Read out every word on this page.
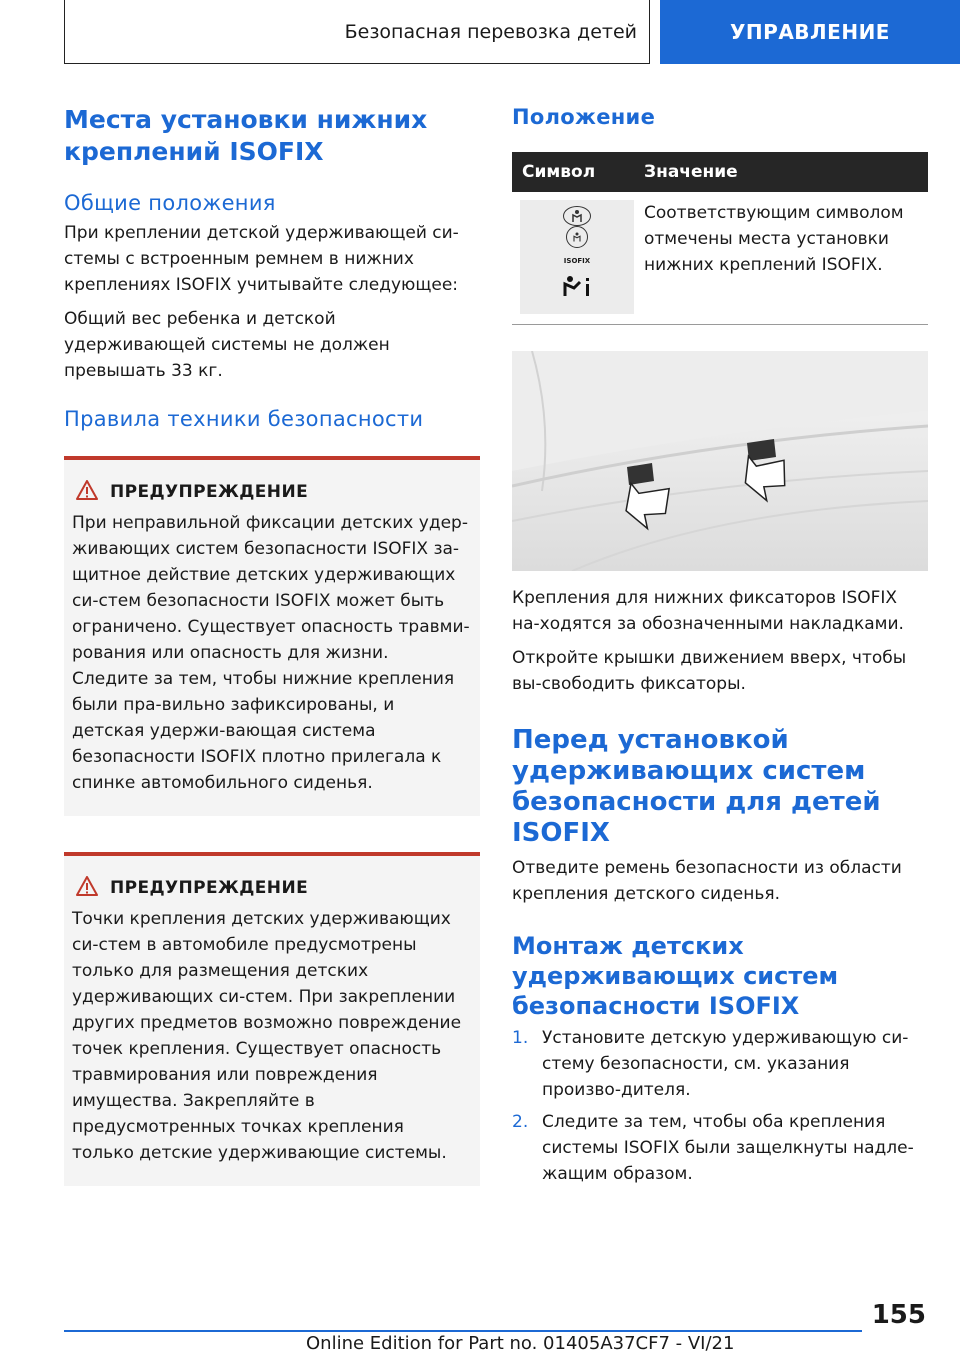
Безопасная перевозка детей	УПРАВЛЕНИЕ
Места установки нижних креплений ISOFIX
Общие положения

При креплении детской удерживающей си-стемы с встроенным ремнем в нижних креплениях ISOFIX учитывайте следующее:

Общий вес ребенка и детской удерживающей системы не должен превышать 33 кг.

Правила техники безопасности
ПРЕДУПРЕЖДЕНИЕ

При неправильной фиксации детских удер-живающих систем безопасности ISOFIX за-щитное действие детских удерживающих си-стем безопасности ISOFIX может быть ограничено. Существует опасность травми-рования или опасность для жизни. Следите за тем, чтобы нижние крепления были пра-вильно зафиксированы, и детская удержи-вающая система безопасности ISOFIX плотно прилегала к спинке автомобильного сиденья.

ПРЕДУПРЕЖДЕНИЕ

Точки крепления детских удерживающих си-стем в автомобиле предусмотрены только для размещения детских удерживающих си-стем. При закреплении других предметов возможно повреждение точек крепления. Существует опасность травмирования или повреждения имущества. Закрепляйте в предусмотренных точках крепления только детские удерживающие системы.

Положение
Символ	Значение

ISOFIX	Соответствующим символом отмечены места установки нижних креплений ISOFIX.

Крепления для нижних фиксаторов ISOFIX на-ходятся за обозначенными накладками.

Откройте крышки движением вверх, чтобы вы-свободить фиксаторы.

Перед установкой удерживающих систем безопасности для детей ISOFIX

Отведите ремень безопасности из области крепления детского сиденья.

Монтаж детских удерживающих систем безопасности ISOFIX
1. Установите детскую удерживающую си-стему безопасности, см. указания произво-дителя.
2. Следите за тем, чтобы оба крепления системы ISOFIX были защелкнуты надле-жащим образом.
155
Online Edition for Part no. 01405A37CF7 - VI/21
